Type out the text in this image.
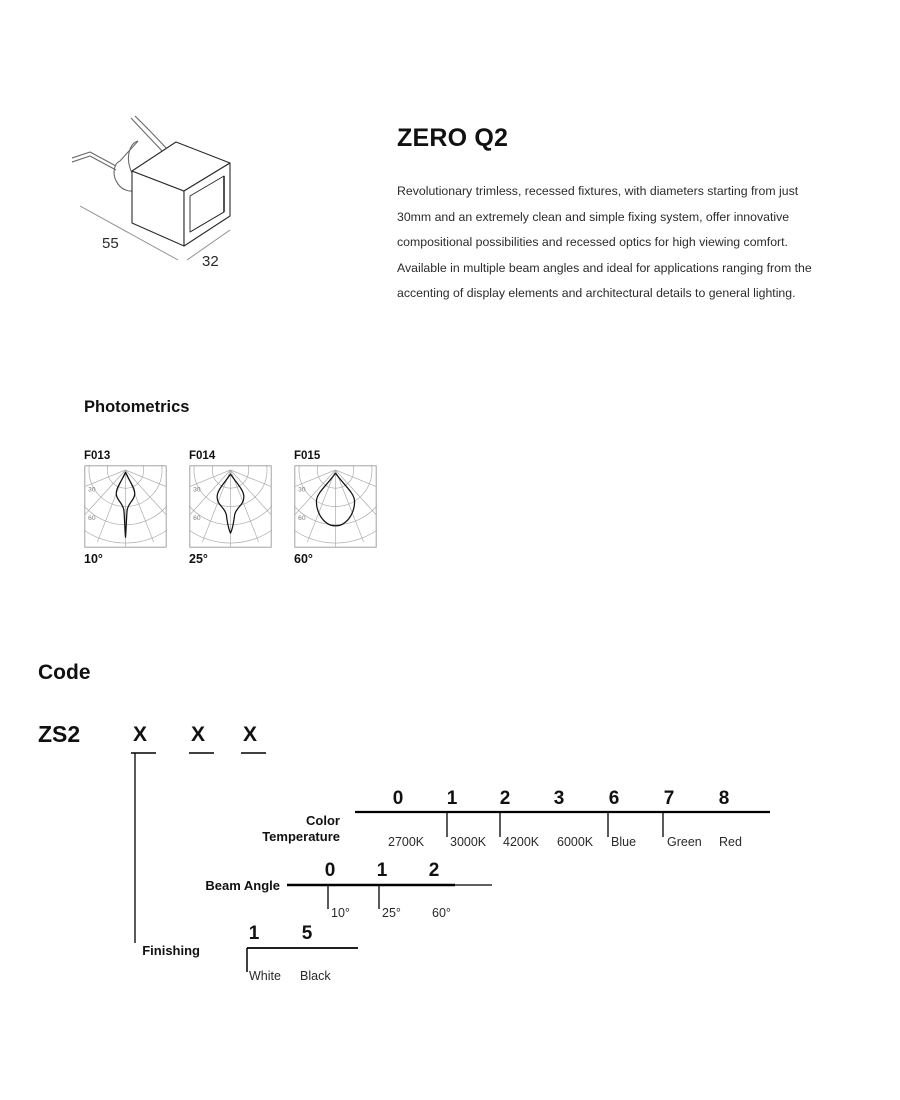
55
32
ZERO Q2

Revolutionary trimless, recessed fixtures, with diameters starting from just 30mm and an extremely clean and simple fixing system, offer innovative compositional possibilities and recessed optics for high viewing comfort. Available in multiple beam angles and ideal for applications ranging from the accenting of display elements and architectural details to general lighting.

Photometrics
F013
30
60
10°
F014
30
60
25°
F015
30
60
60°
Code
ZS2	X X X
Color
Temperature
0	1	2	3	6	7	8
2700K 3000K 4200K 6000K Blue Green Red
Beam Angle
0	1	2
10°	25° 60°
Finishing
1	5
White Black
